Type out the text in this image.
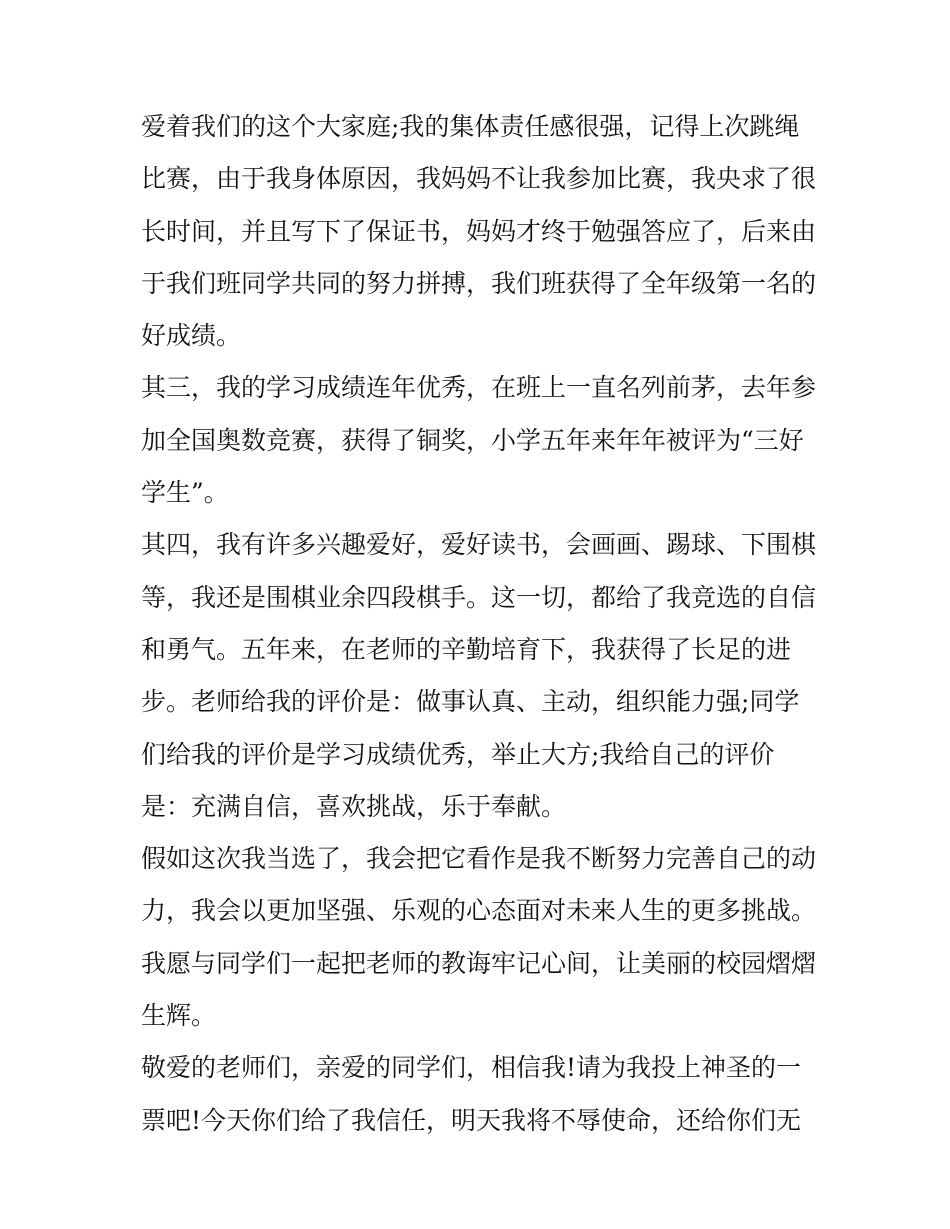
爱着我们的这个大家庭;我的集体责任感很强，记得上次跳绳
比赛，由于我身体原因，我妈妈不让我参加比赛，我央求了很
长时间，并且写下了保证书，妈妈才终于勉强答应了，后来由
于我们班同学共同的努力拼搏，我们班获得了全年级第一名的
好成绩。
其三，我的学习成绩连年优秀，在班上一直名列前茅，去年参
加全国奥数竞赛，获得了铜奖，小学五年来年年被评为“三好
学生”。
其四，我有许多兴趣爱好，爱好读书，会画画、踢球、下围棋
等，我还是围棋业余四段棋手。这一切，都给了我竞选的自信
和勇气。五年来，在老师的辛勤培育下，我获得了长足的进
步。老师给我的评价是：做事认真、主动，组织能力强;同学
们给我的评价是学习成绩优秀，举止大方;我给自己的评价
是：充满自信，喜欢挑战，乐于奉献。
假如这次我当选了，我会把它看作是我不断努力完善自己的动
力，我会以更加坚强、乐观的心态面对未来人生的更多挑战。
我愿与同学们一起把老师的教诲牢记心间，让美丽的校园熠熠
生辉。
敬爱的老师们，亲爱的同学们，相信我!请为我投上神圣的一
票吧!今天你们给了我信任，明天我将不辱使命，还给你们无
